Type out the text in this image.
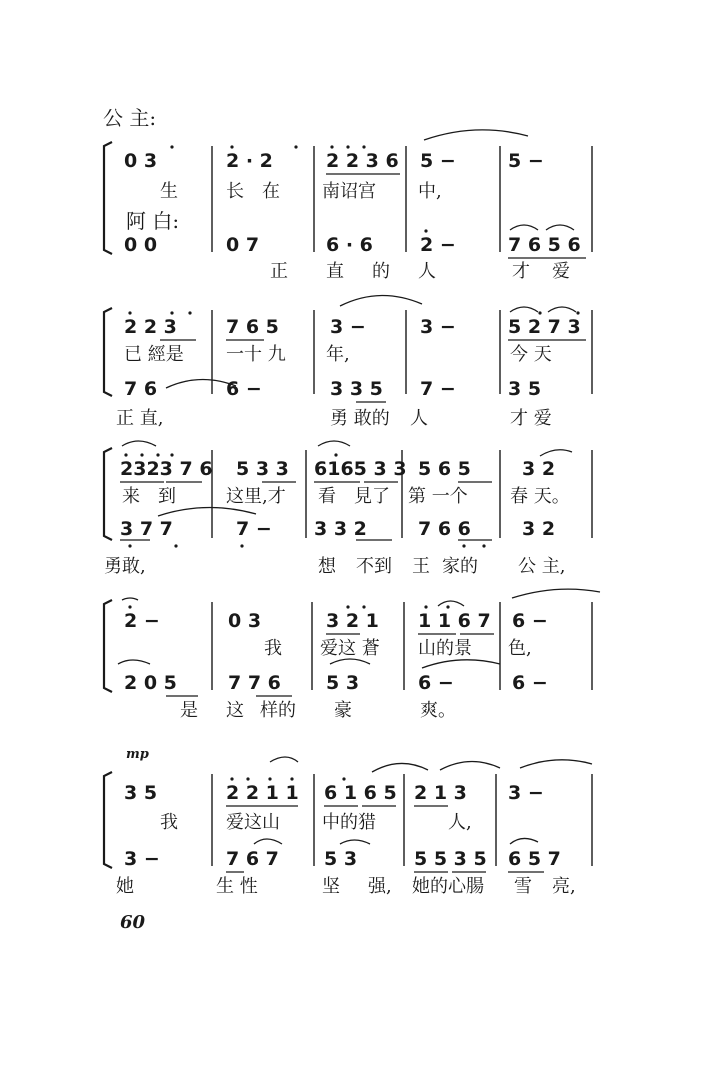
公 主:
阿 白:
mp
60
0 3	2 · 2	2 2 3 6 5 −	5 −
生	长　在 南诏宫 中,
0 0	0 7	6 · 6 2 −	7 6 5 6
正 直 的 人	才 爱
2 2 3	7 6 5	3 −	3 −	5 2 7 3
已 經是 一十 九 年,	今 天
7 6	6 −	3 3 5 7 −	3 5
正 直,	勇 敢的 人	才 爱
2323 7 6 5 3 3 6165 3 3 5 6 5	3 2
来　到	这里,才 看　見了 第 一个 春 天。
3 7 7	7 − 3 3 2	7 6 6	3 2
勇敢,	想 不到 王 家的 公 主,
2 −	0 3	3 2 1 1 1 6 7 6 −
我 爱这 蒼 山的景 色,
2 0 5	7 7 6 5 3	6 −	6 −
是 这 样的 豪	爽。
3 5	2 2 1 1 6 1 6 5 2 1 3 3 −
我	爱这山 中的猎	人,
3 −	7 6 7 5 3	5 5 3 5 6 5 7
她	生 性	坚 强, 她的心腸 雪 亮,
